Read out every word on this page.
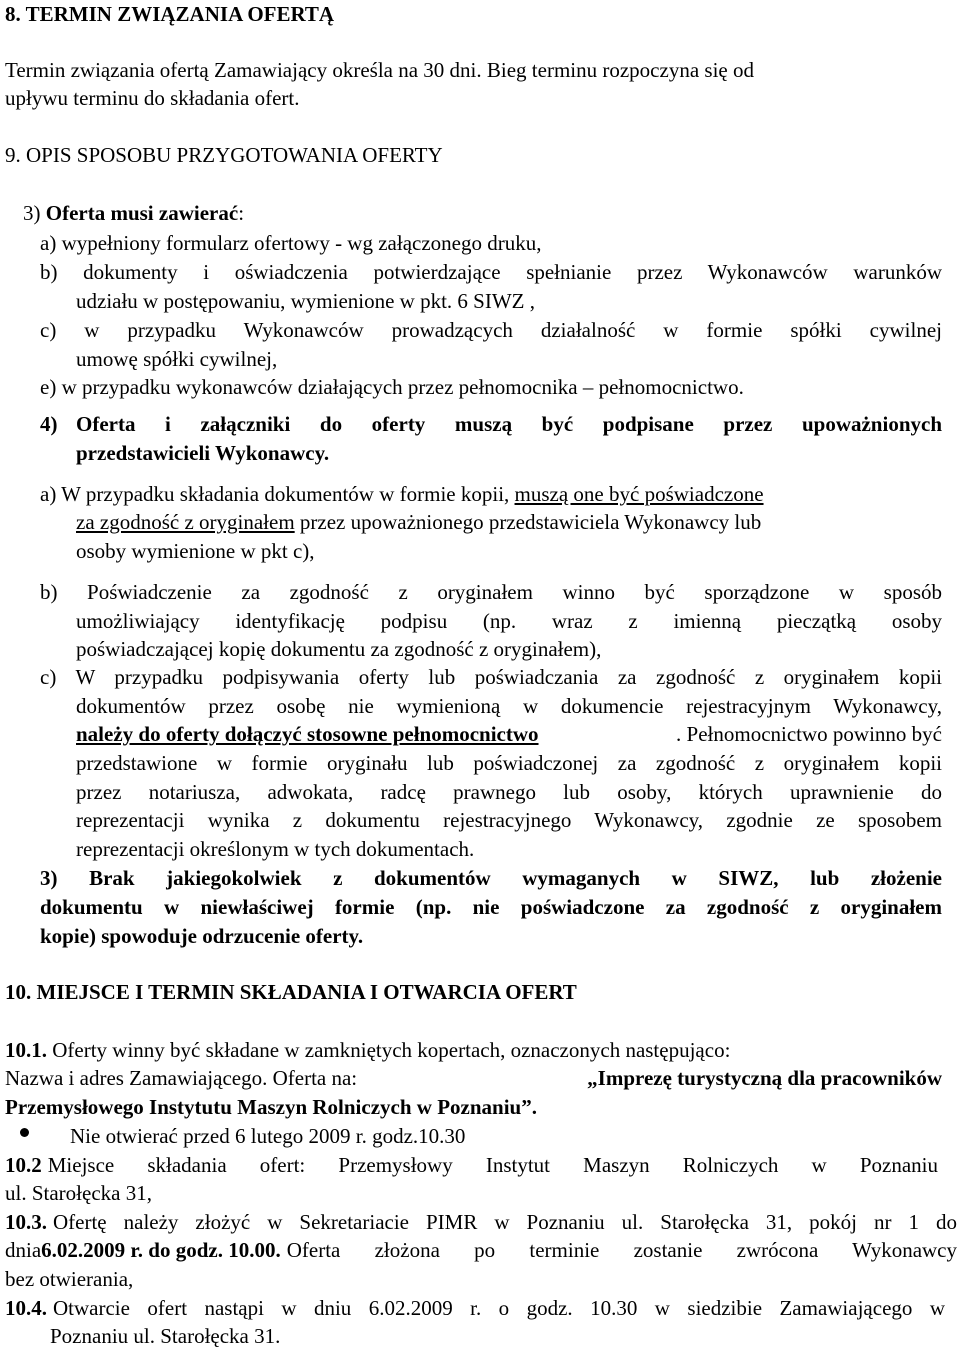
8. TERMIN ZWIĄZANIA OFERTĄ
Termin związania ofertą Zamawiający określa na 30 dni. Bieg terminu rozpoczyna się od
upływu terminu do składania ofert.
9. OPIS SPOSOBU PRZYGOTOWANIA OFERTY
3) Oferta musi zawierać:
a) wypełniony formularz ofertowy - wg załączonego druku,
b) dokumenty i oświadczenia potwierdzające spełnianie przez Wykonawców warunków
udziału w postępowaniu, wymienione w pkt. 6 SIWZ ,
c) w przypadku Wykonawców prowadzących działalność w formie spółki cywilnej
umowę spółki cywilnej,
e) w przypadku wykonawców działających przez pełnomocnika – pełnomocnictwo.
4) Oferta i załączniki do oferty muszą być podpisane przez upoważnionych
przedstawicieli Wykonawcy.
a) W przypadku składania dokumentów w formie kopii, muszą one być poświadczone
za zgodność z oryginałem przez upoważnionego przedstawiciela Wykonawcy lub
osoby wymienione w pkt c),
b) Poświadczenie za zgodność z oryginałem winno być sporządzone w sposób
umożliwiający identyfikację podpisu (np. wraz z imienną pieczątką osoby
poświadczającej kopię dokumentu za zgodność z oryginałem),
c) W przypadku podpisywania oferty lub poświadczania za zgodność z oryginałem kopii
dokumentów przez osobę nie wymienioną w dokumencie rejestracyjnym Wykonawcy,
należy do oferty dołączyć stosowne pełnomocnictwo	. Pełnomocnictwo powinno być
przedstawione w formie oryginału lub poświadczonej za zgodność z oryginałem kopii
przez notariusza, adwokata, radcę prawnego lub osoby, których uprawnienie do
reprezentacji wynika z dokumentu rejestracyjnego Wykonawcy, zgodnie ze sposobem
reprezentacji określonym w tych dokumentach.
3) Brak jakiegokolwiek z dokumentów wymaganych w SIWZ, lub złożenie
dokumentu w niewłaściwej formie (np. nie poświadczone za zgodność z oryginałem
kopie) spowoduje odrzucenie oferty.
10. MIEJSCE I TERMIN SKŁADANIA I OTWARCIA OFERT
10.1. Oferty winny być składane w zamkniętych kopertach, oznaczonych następująco:
Nazwa i adres Zamawiającego. Oferta na:	„Imprezę turystyczną dla pracowników
Przemysłowego Instytutu Maszyn Rolniczych w Poznaniu”.
Nie otwierać przed 6 lutego 2009 r. godz.10.30
10.2 Miejsce składania ofert: Przemysłowy Instytut Maszyn Rolniczych w Poznaniu
ul. Starołęcka 31,
10.3. Ofertę należy złożyć w Sekretariacie PIMR w Poznaniu ul. Starołęcka 31, pokój nr 1 do
dnia 6.02.2009 r. do godz. 10.00. Oferta złożona po terminie zostanie zwrócona Wykonawcy
bez otwierania,
10.4. Otwarcie ofert nastąpi w dniu 6.02.2009 r. o godz. 10.30 w siedzibie Zamawiającego w
Poznaniu ul. Starołęcka 31.
